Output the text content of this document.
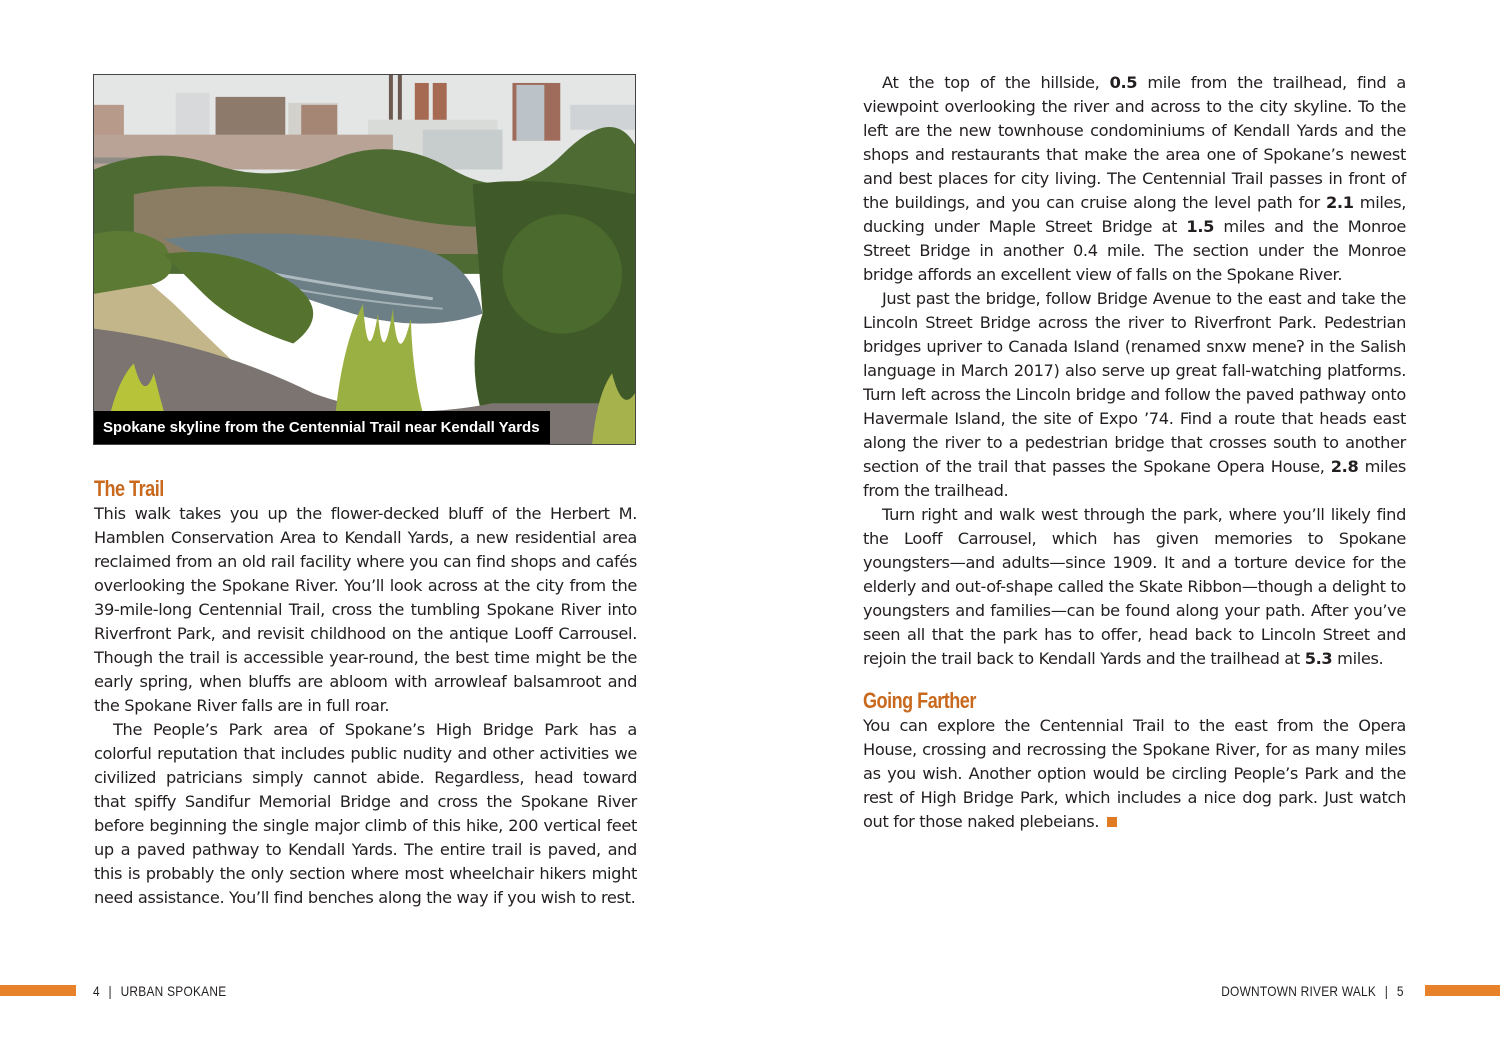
Spokane skyline from the Centennial Trail near Kendall Yards
The Trail

This walk takes you up the flower-decked bluff of the Herbert M. Hamblen Conservation Area to Kendall Yards, a new residential area reclaimed from an old rail facility where you can find shops and cafés overlooking the Spokane River. You’ll look across at the city from the 39-mile-long Centennial Trail, cross the tumbling Spokane River into Riverfront Park, and revisit childhood on the antique Looff Carrousel. Though the trail is accessible year-round, the best time might be the early spring, when bluffs are abloom with arrowleaf balsamroot and the Spokane River falls are in full roar.

The People’s Park area of Spokane’s High Bridge Park has a colorful reputation that includes public nudity and other activities we civilized patricians simply cannot abide. Regardless, head toward that spiffy Sandifur Memorial Bridge and cross the Spokane River before beginning the single major climb of this hike, 200 vertical feet up a paved pathway to Kendall Yards. The entire trail is paved, and this is probably the only section where most wheelchair hikers might need assistance. You’ll find benches along the way if you wish to rest.

4 | URBAN SPOKANE

At the top of the hillside, 0.5 mile from the trailhead, find a viewpoint overlooking the river and across to the city skyline. To the left are the new townhouse condominiums of Kendall Yards and the shops and restaurants that make the area one of Spokane’s newest and best places for city living. The Centennial Trail passes in front of the buildings, and you can cruise along the level path for 2.1 miles, ducking under Maple Street Bridge at 1.5 miles and the Monroe Street Bridge in another 0.4 mile. The section under the Monroe bridge affords an excellent view of falls on the Spokane River.

Just past the bridge, follow Bridge Avenue to the east and take the Lincoln Street Bridge across the river to Riverfront Park. Pedestrian bridges upriver to Canada Island (renamed snxw meneʔ in the Salish language in March 2017) also serve up great fall-watching platforms. Turn left across the Lincoln bridge and follow the paved pathway onto Havermale Island, the site of Expo ’74. Find a route that heads east along the river to a pedestrian bridge that crosses south to another section of the trail that passes the Spokane Opera House, 2.8 miles from the trailhead.

Turn right and walk west through the park, where you’ll likely find the Looff Carrousel, which has given memories to Spokane youngsters—and adults—since 1909. It and a torture device for the elderly and out-of-shape called the Skate Ribbon—though a delight to youngsters and families—can be found along your path. After you’ve seen all that the park has to offer, head back to Lincoln Street and rejoin the trail back to Kendall Yards and the trailhead at 5.3 miles.

Going Farther

You can explore the Centennial Trail to the east from the Opera House, crossing and recrossing the Spokane River, for as many miles as you wish. Another option would be circling People’s Park and the rest of High Bridge Park, which includes a nice dog park. Just watch out for those naked plebeians.

DOWNTOWN RIVER WALK | 5
